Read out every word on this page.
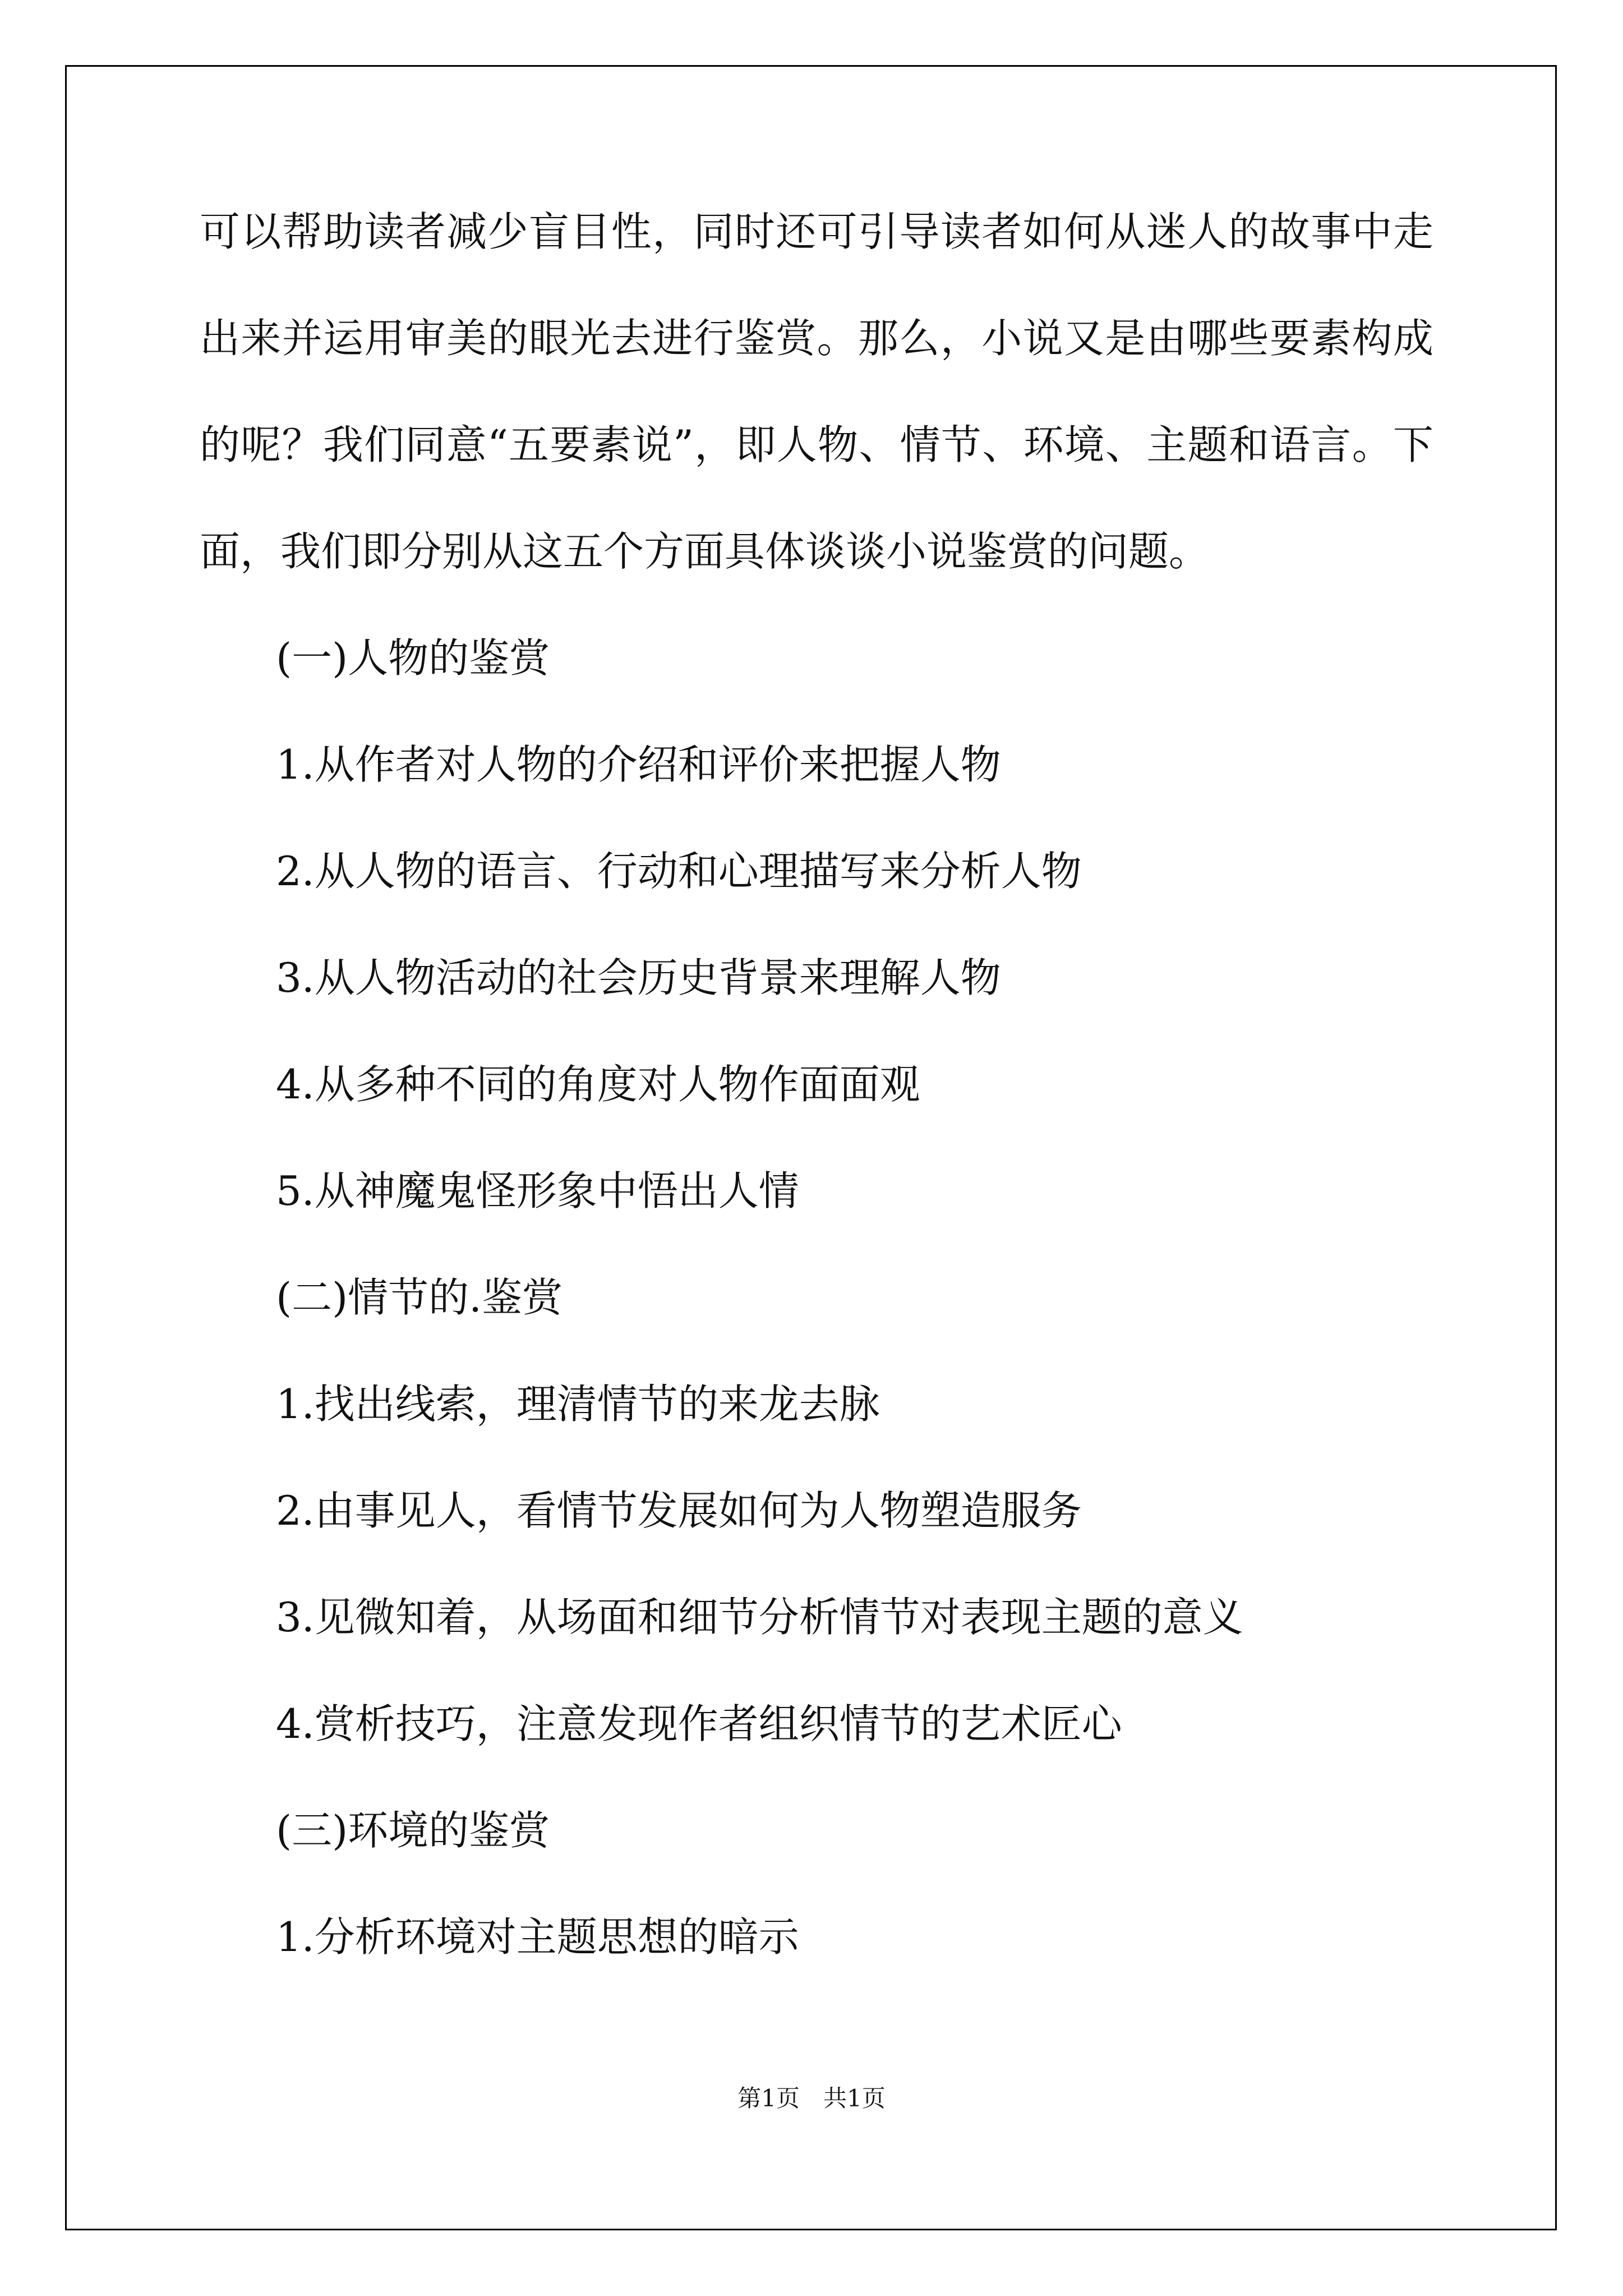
可以帮助读者减少盲目性，同时还可引导读者如何从迷人的故事中走出来并运用审美的眼光去进行鉴赏。那么，小说又是由哪些要素构成的呢？我们同意“五要素说”，即人物、情节、环境、主题和语言。下面，我们即分别从这五个方面具体谈谈小说鉴赏的问题。

(一)人物的鉴赏

1.从作者对人物的介绍和评价来把握人物

2.从人物的语言、行动和心理描写来分析人物

3.从人物活动的社会历史背景来理解人物

4.从多种不同的角度对人物作面面观

5.从神魔鬼怪形象中悟出人情

(二)情节的.鉴赏

1.找出线索，理清情节的来龙去脉

2.由事见人，看情节发展如何为人物塑造服务

3.见微知着，从场面和细节分析情节对表现主题的意义

4.赏析技巧，注意发现作者组织情节的艺术匠心

(三)环境的鉴赏

1.分析环境对主题思想的暗示

第1页 共1页
